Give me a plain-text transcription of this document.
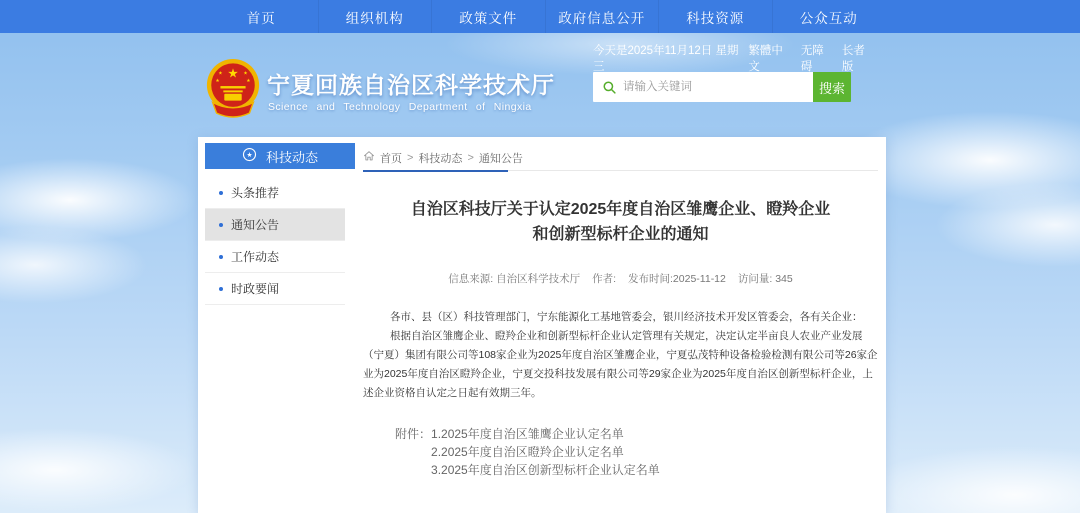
首页	组织机构	政策文件	政府信息公开	科技资源	公众互动
★
★	★
★	★ 宁夏回族自治区科学技术厅
Science and Technology Department of Ningxia
今天是2025年11月12日 星期三
繁體中文
无障碍
长者版
请输入关键词
搜索
★ 科技动态
头条推荐
通知公告
工作动态
时政要闻
首页 > 科技动态 > 通知公告
自治区科技厅关于认定2025年度自治区雏鹰企业、瞪羚企业
和创新型标杆企业的通知
信息来源: 自治区科学技术厅 作者: 发布时间:2025-11-12 访问量: 345

各市、县（区）科技管理部门，宁东能源化工基地管委会，银川经济技术开发区管委会，各有关企业：

根据自治区雏鹰企业、瞪羚企业和创新型标杆企业认定管理有关规定，决定认定半亩良人农业产业发展（宁夏）集团有限公司等108家企业为2025年度自治区雏鹰企业，宁夏弘茂特种设备检验检测有限公司等26家企业为2025年度自治区瞪羚企业，宁夏交投科技发展有限公司等29家企业为2025年度自治区创新型标杆企业，上述企业资格自认定之日起有效期三年。

附件： 1.2025年度自治区雏鹰企业认定名单
2.2025年度自治区瞪羚企业认定名单
3.2025年度自治区创新型标杆企业认定名单
